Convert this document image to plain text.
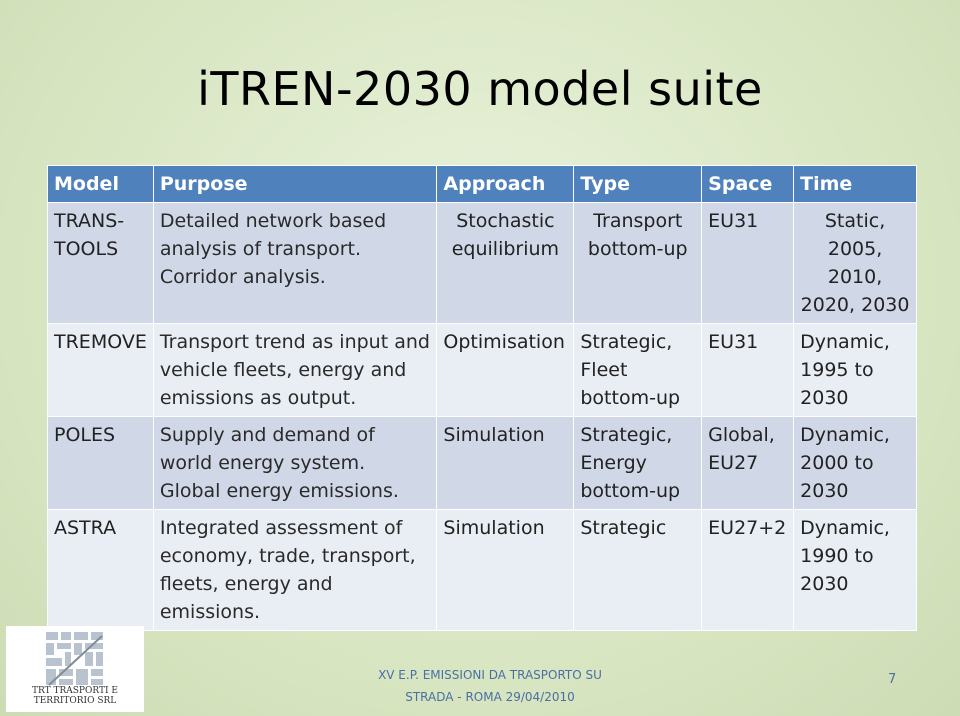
iTREN-2030 model suite
Model	Purpose	Approach	Type	Space	Time
TRANS-TOOLS	Detailed network based analysis of transport. Corridor analysis.	Stochastic equilibrium	Transport bottom-up	EU31	Static, 2005, 2010, 2020, 2030
TREMOVE	Transport trend as input and vehicle fleets, energy and emissions as output.	Optimisation	Strategic, Fleet bottom-up	EU31	Dynamic, 1995 to 2030
POLES	Supply and demand of world energy system. Global energy emissions.	Simulation	Strategic, Energy bottom-up	Global, EU27	Dynamic, 2000 to 2030
ASTRA	Integrated assessment of economy, trade, transport, fleets, energy and emissions.	Simulation	Strategic	EU27+2	Dynamic, 1990 to 2030
TRT TRASPORTI E TERRITORIO SRL
XV E.P. EMISSIONI DA TRASPORTO SU
STRADA - ROMA 29/04/2010
7
